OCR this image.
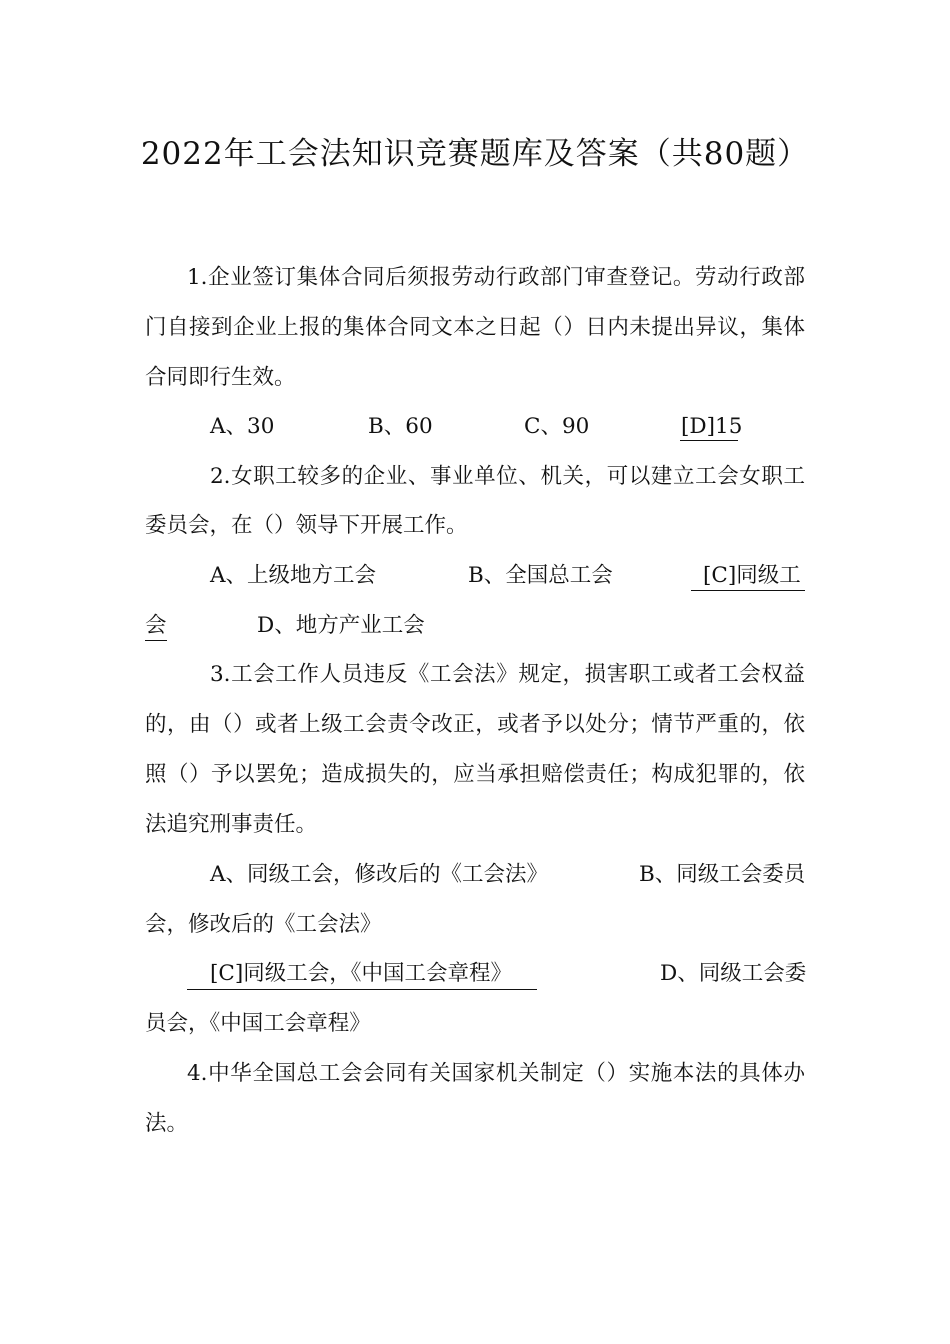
2022年工会法知识竞赛题库及答案（共80题）
1.企业签订集体合同后须报劳动行政部门审查登记。劳动行政部
门自接到企业上报的集体合同文本之日起（）日内未提出异议，集体
合同即行生效。
A、30	B、60	C、90	[D]15
2.女职工较多的企业、事业单位、机关，可以建立工会女职工
委员会，在（）领导下开展工作。
A、上级地方工会	B、全国总工会	[C]同级工
会	D、地方产业工会
3.工会工作人员违反《工会法》规定，损害职工或者工会权益
的，由（）或者上级工会责令改正，或者予以处分；情节严重的，依
照（）予以罢免；造成损失的，应当承担赔偿责任；构成犯罪的，依
法追究刑事责任。
A、同级工会，修改后的《工会法》	B、同级工会委员
会，修改后的《工会法》
[C]同级工会，《中国工会章程》	D、同级工会委
员会，《中国工会章程》
4.中华全国总工会会同有关国家机关制定（）实施本法的具体办
法。
